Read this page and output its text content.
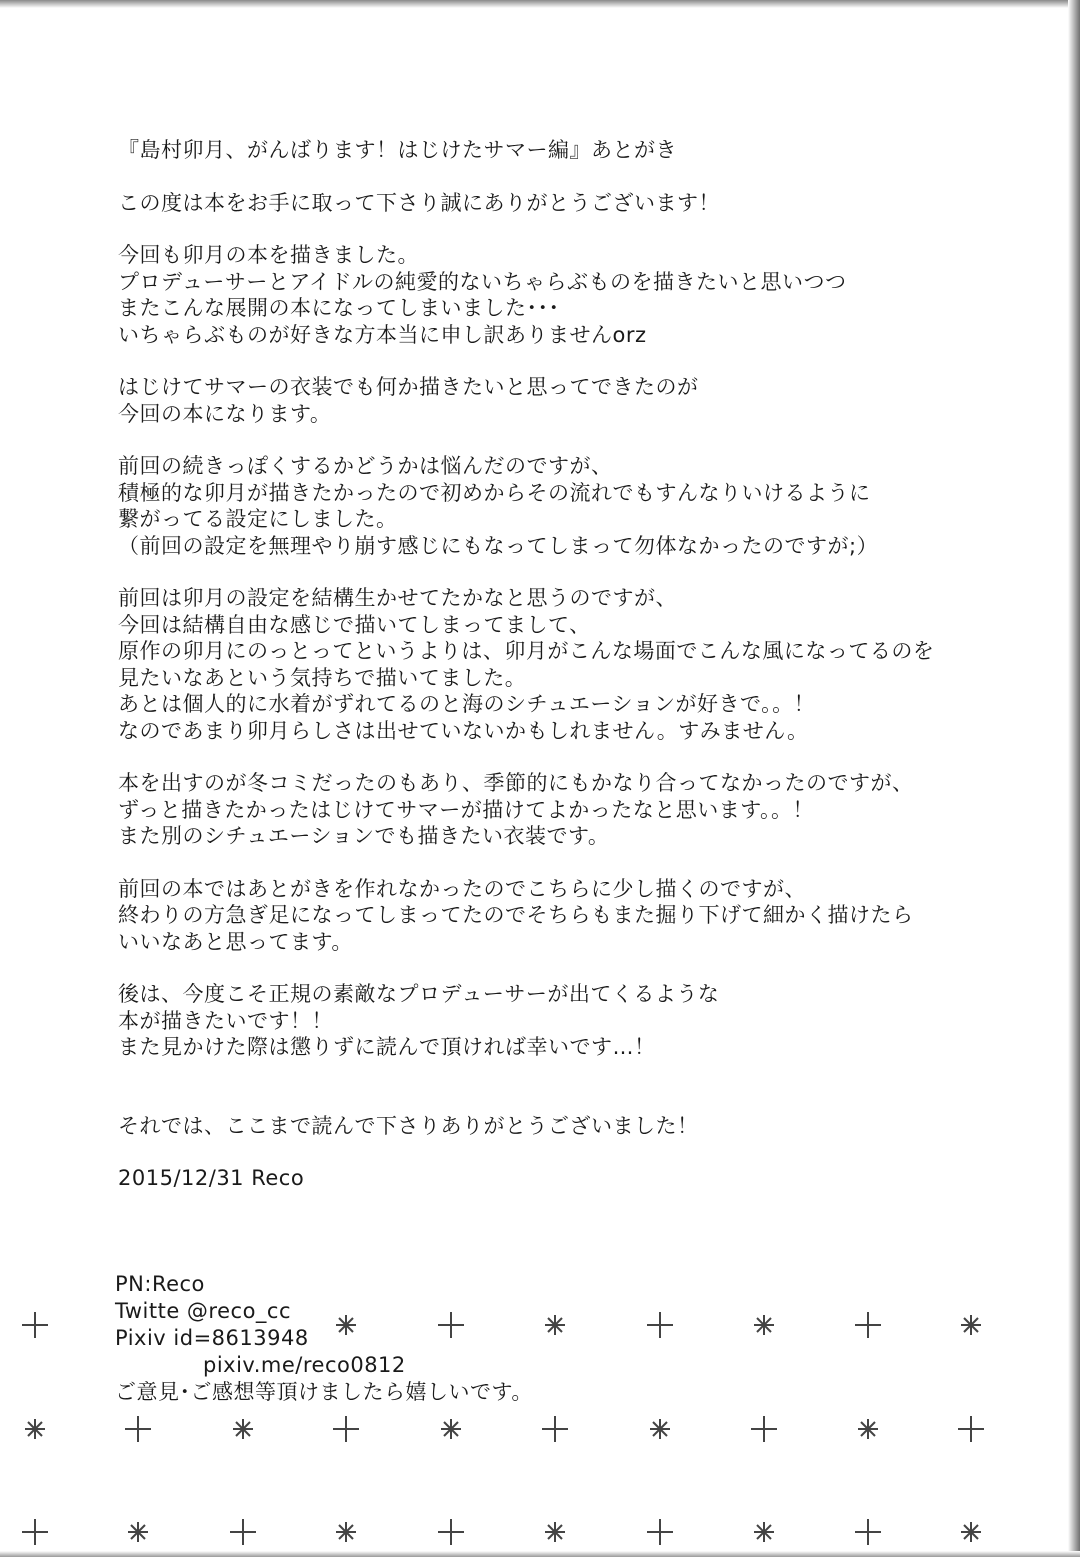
『島村卯月、がんばります！はじけたサマー編』あとがき
この度は本をお手に取って下さり誠にありがとうございます！
今回も卯月の本を描きました。
プロデューサーとアイドルの純愛的ないちゃらぶものを描きたいと思いつつ
またこんな展開の本になってしまいました･･･
いちゃらぶものが好きな方本当に申し訳ありませんorz
はじけてサマーの衣装でも何か描きたいと思ってできたのが
今回の本になります。
前回の続きっぽくするかどうかは悩んだのですが、
積極的な卯月が描きたかったので初めからその流れでもすんなりいけるように
繋がってる設定にしました。
（前回の設定を無理やり崩す感じにもなってしまって勿体なかったのですが;）
前回は卯月の設定を結構生かせてたかなと思うのですが、
今回は結構自由な感じで描いてしまってまして、
原作の卯月にのっとってというよりは、卯月がこんな場面でこんな風になってるのを
見たいなあという気持ちで描いてました。
あとは個人的に水着がずれてるのと海のシチュエーションが好きで。。！
なのであまり卯月らしさは出せていないかもしれません。すみません。
本を出すのが冬コミだったのもあり、季節的にもかなり合ってなかったのですが、
ずっと描きたかったはじけてサマーが描けてよかったなと思います。。！
また別のシチュエーションでも描きたい衣装です。
前回の本ではあとがきを作れなかったのでこちらに少し描くのですが、
終わりの方急ぎ足になってしまってたのでそちらもまた掘り下げて細かく描けたら
いいなあと思ってます。
後は、今度こそ正規の素敵なプロデューサーが出てくるような
本が描きたいです！！
また見かけた際は懲りずに読んで頂ければ幸いです…！
それでは、ここまで読んで下さりありがとうございました！
2015/12/31 Reco
PN:Reco
Twitte @reco_cc
Pixiv id=8613948
pixiv.me/reco0812
ご意見･ご感想等頂けましたら嬉しいです。
